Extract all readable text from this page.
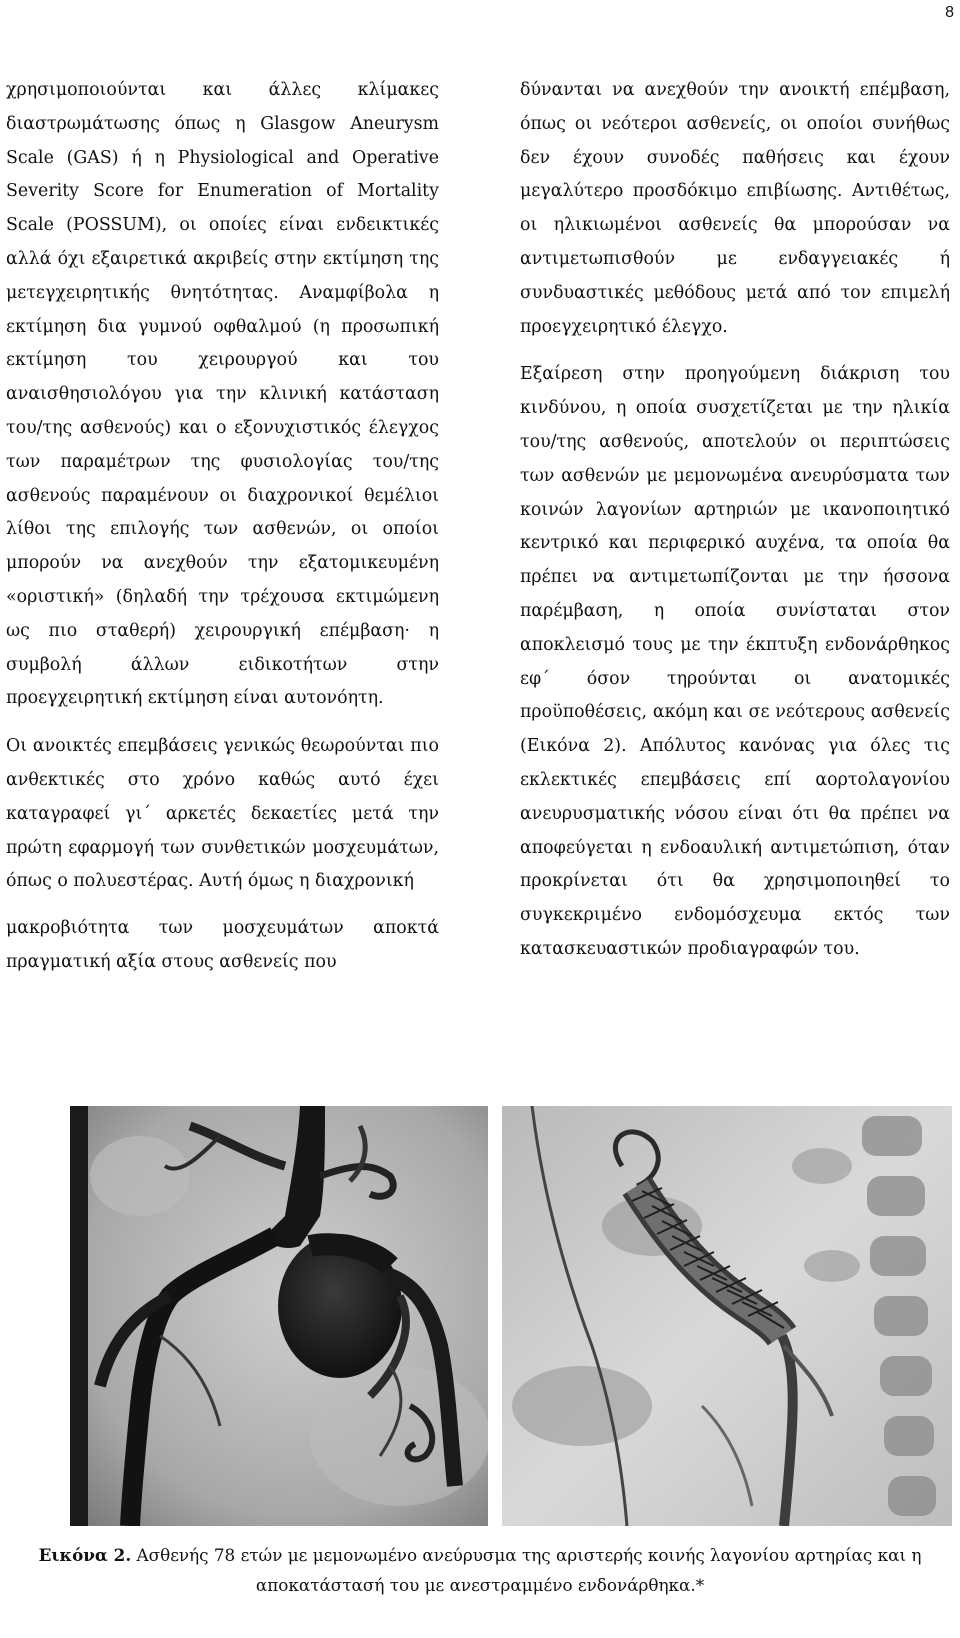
8

χρησιμοποιούνται και άλλες κλίμακες διαστρωμάτωσης όπως η Glasgow Aneurysm Scale (GAS) ή η Physiological and Operative Severity Score for Enumeration of Mortality Scale (POSSUM), οι οποίες είναι ενδεικτικές αλλά όχι εξαιρετικά ακριβείς στην εκτίμηση της μετεγχειρητικής θνητότητας. Αναμφίβολα η εκτίμηση δια γυμνού οφθαλμού (η προσωπική εκτίμηση του χειρουργού και του αναισθησιολόγου για την κλινική κατάσταση του/της ασθενούς) και ο εξονυχιστικός έλεγχος των παραμέτρων της φυσιολογίας του/της ασθενούς παραμένουν οι διαχρονικοί θεμέλιοι λίθοι της επιλογής των ασθενών, οι οποίοι μπορούν να ανεχθούν την εξατομικευμένη «οριστική» (δηλαδή την τρέχουσα εκτιμώμενη ως πιο σταθερή) χειρουργική επέμβαση· η συμβολή άλλων ειδικοτήτων στην προεγχειρητική εκτίμηση είναι αυτονόητη.

Οι ανοικτές επεμβάσεις γενικώς θεωρούνται πιο ανθεκτικές στο χρόνο καθώς αυτό έχει καταγραφεί γι΄ αρκετές δεκαετίες μετά την πρώτη εφαρμογή των συνθετικών μοσχευμάτων, όπως ο πολυεστέρας. Αυτή όμως η διαχρονική

μακροβιότητα των μοσχευμάτων αποκτά πραγματική αξία στους ασθενείς που

δύνανται να ανεχθούν την ανοικτή επέμβαση, όπως οι νεότεροι ασθενείς, οι οποίοι συνήθως δεν έχουν συνοδές παθήσεις και έχουν μεγαλύτερο προσδόκιμο επιβίωσης. Αντιθέτως, οι ηλικιωμένοι ασθενείς θα μπορούσαν να αντιμετωπισθούν με ενδαγγειακές ή συνδυαστικές μεθόδους μετά από τον επιμελή προεγχειρητικό έλεγχο.

Εξαίρεση στην προηγούμενη διάκριση του κινδύνου, η οποία συσχετίζεται με την ηλικία του/της ασθενούς, αποτελούν οι περιπτώσεις των ασθενών με μεμονωμένα ανευρύσματα των κοινών λαγονίων αρτηριών με ικανοποιητικό κεντρικό και περιφερικό αυχένα, τα οποία θα πρέπει να αντιμετωπίζονται με την ήσσονα παρέμβαση, η οποία συνίσταται στον αποκλεισμό τους με την έκπτυξη ενδονάρθηκος εφ΄ όσον τηρούνται οι ανατομικές προϋποθέσεις, ακόμη και σε νεότερους ασθενείς (Εικόνα 2). Απόλυτος κανόνας για όλες τις εκλεκτικές επεμβάσεις επί αορτολαγονίου ανευρυσματικής νόσου είναι ότι θα πρέπει να αποφεύγεται η ενδοαυλική αντιμετώπιση, όταν προκρίνεται ότι θα χρησιμοποιηθεί το συγκεκριμένο ενδομόσχευμα εκτός των κατασκευαστικών προδιαγραφών του.

Εικόνα 2. Ασθενής 78 ετών με μεμονωμένο ανεύρυσμα της αριστερής κοινής λαγονίου αρτηρίας και η αποκατάστασή του με ανεστραμμένο ενδονάρθηκα.*
